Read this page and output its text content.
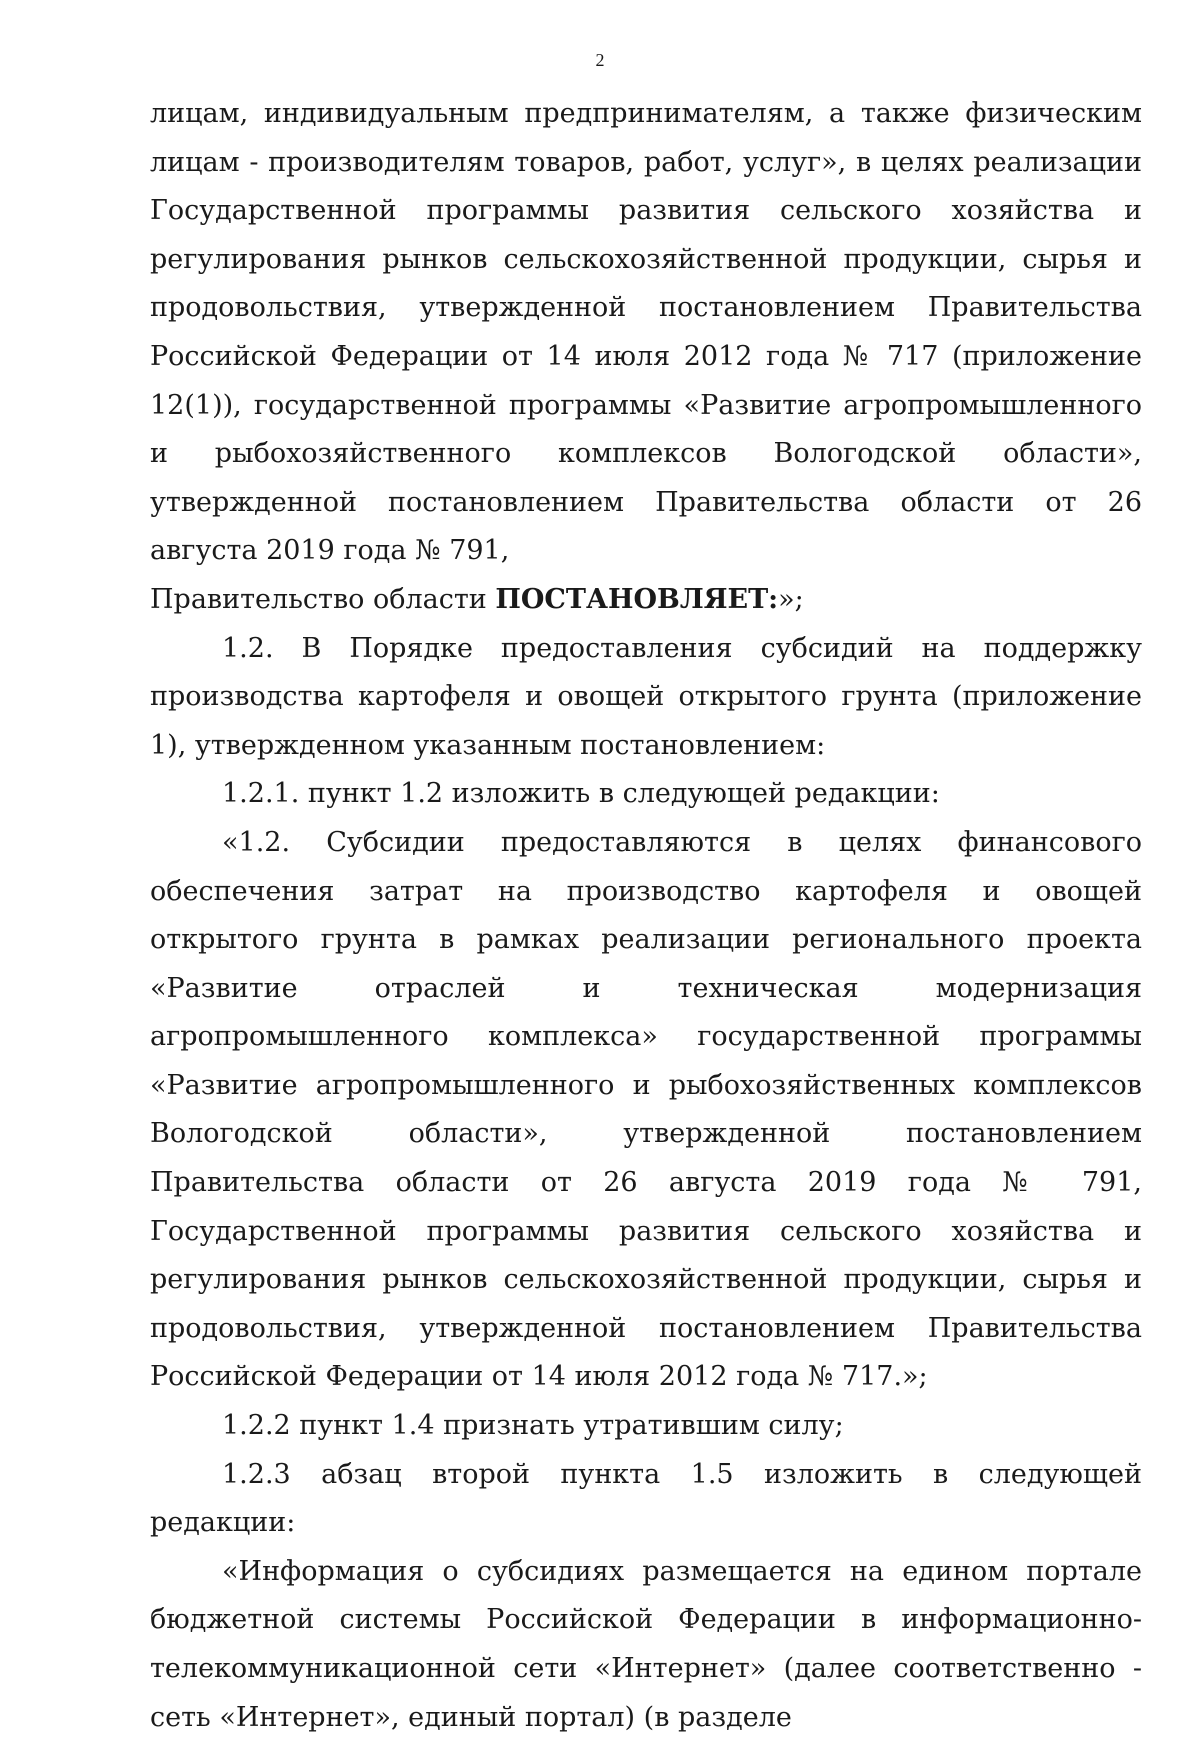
2

лицам, индивидуальным предпринимателям, а также физическим лицам - производителям товаров, работ, услуг», в целях реализации Государственной программы развития сельского хозяйства и регулирования рынков сельскохозяйственной продукции, сырья и продовольствия, утвержденной постановлением Правительства Российской Федерации от 14 июля 2012 года № 717 (приложение 12(1)), государственной программы «Развитие агропромышленного и рыбохозяйственного комплексов Вологодской области», утвержденной постановлением Правительства области от 26 августа 2019 года № 791,

Правительство области ПОСТАНОВЛЯЕТ:»;

1.2. В Порядке предоставления субсидий на поддержку производства картофеля и овощей открытого грунта (приложение 1), утвержденном указанным постановлением:

1.2.1. пункт 1.2 изложить в следующей редакции:

«1.2. Субсидии предоставляются в целях финансового обеспечения затрат на производство картофеля и овощей открытого грунта в рамках реализации регионального проекта «Развитие отраслей и техническая модернизация агропромышленного комплекса» государственной программы «Развитие агропромышленного и рыбохозяйственных комплексов Вологодской области», утвержденной постановлением Правительства области от 26 августа 2019 года № 791, Государственной программы развития сельского хозяйства и регулирования рынков сельскохозяйственной продукции, сырья и продовольствия, утвержденной постановлением Правительства Российской Федерации от 14 июля 2012 года № 717.»;

1.2.2 пункт 1.4 признать утратившим силу;

1.2.3 абзац второй пункта 1.5 изложить в следующей редакции:

«Информация о субсидиях размещается на едином портале бюджетной системы Российской Федерации в информационно-телекоммуникационной сети «Интернет» (далее соответственно - сеть «Интернет», единый портал) (в разделе
